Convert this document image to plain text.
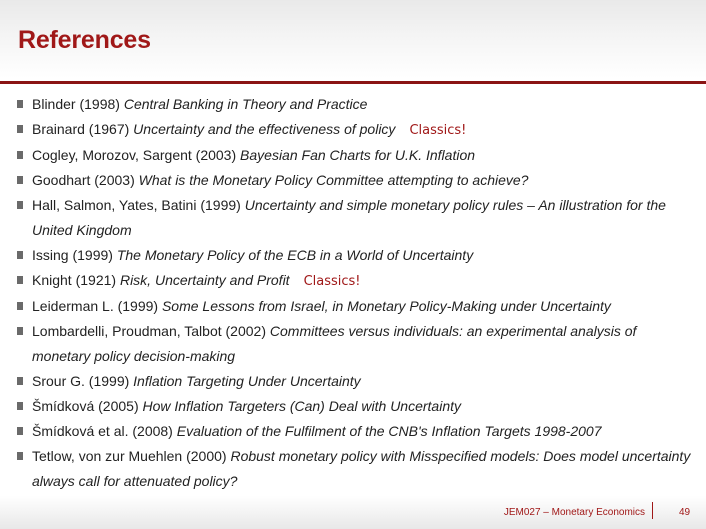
References
Blinder (1998) Central Banking in Theory and Practice
Brainard (1967) Uncertainty and the effectiveness of policy Classics!
Cogley, Morozov, Sargent (2003) Bayesian Fan Charts for U.K. Inflation
Goodhart (2003) What is the Monetary Policy Committee attempting to achieve?
Hall, Salmon, Yates, Batini (1999) Uncertainty and simple monetary policy rules – An illustration for the United Kingdom
Issing (1999) The Monetary Policy of the ECB in a World of Uncertainty
Knight (1921) Risk, Uncertainty and Profit Classics!
Leiderman L. (1999) Some Lessons from Israel, in Monetary Policy-Making under Uncertainty
Lombardelli, Proudman, Talbot (2002) Committees versus individuals: an experimental analysis of monetary policy decision-making
Srour G. (1999) Inflation Targeting Under Uncertainty
Šmídková (2005) How Inflation Targeters (Can) Deal with Uncertainty
Šmídková et al. (2008) Evaluation of the Fulfilment of the CNB's Inflation Targets 1998-2007
Tetlow, von zur Muehlen (2000) Robust monetary policy with Misspecified models: Does model uncertainty always call for attenuated policy?
JEM027 – Monetary Economics	49
